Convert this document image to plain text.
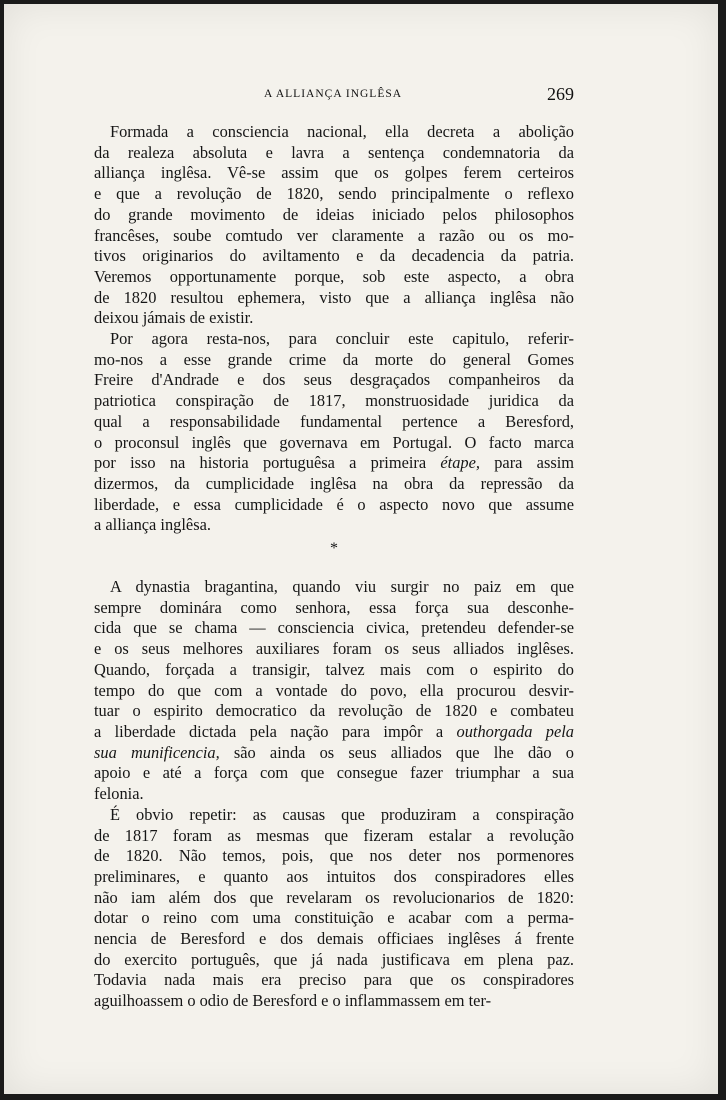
A ALLIANÇA INGLÊSA	269
Formada a consciencia nacional, ella decreta a abolição
da realeza absoluta e lavra a sentença condemnatoria da
alliança inglêsa. Vê-se assim que os golpes ferem certeiros
e que a revolução de 1820, sendo principalmente o reflexo
do grande movimento de ideias iniciado pelos philosophos
francêses, soube comtudo ver claramente a razão ou os mo-
tivos originarios do aviltamento e da decadencia da patria.
Veremos opportunamente porque, sob este aspecto, a obra
de 1820 resultou ephemera, visto que a alliança inglêsa não
deixou jámais de existir.
Por agora resta-nos, para concluir este capitulo, referir-
mo-nos a esse grande crime da morte do general Gomes
Freire d'Andrade e dos seus desgraçados companheiros da
patriotica conspiração de 1817, monstruosidade juridica da
qual a responsabilidade fundamental pertence a Beresford,
o proconsul inglês que governava em Portugal. O facto marca
por isso na historia portuguêsa a primeira étape, para assim
dizermos, da cumplicidade inglêsa na obra da repressão da
liberdade, e essa cumplicidade é o aspecto novo que assume
a alliança inglêsa.
*
A dynastia bragantina, quando viu surgir no paiz em que
sempre dominára como senhora, essa força sua desconhe-
cida que se chama — consciencia civica, pretendeu defender-se
e os seus melhores auxiliares foram os seus alliados inglêses.
Quando, forçada a transigir, talvez mais com o espirito do
tempo do que com a vontade do povo, ella procurou desvir-
tuar o espirito democratico da revolução de 1820 e combateu
a liberdade dictada pela nação para impôr a outhorgada pela
sua munificencia, são ainda os seus alliados que lhe dão o
apoio e até a força com que consegue fazer triumphar a sua
felonia.
É obvio repetir: as causas que produziram a conspiração
de 1817 foram as mesmas que fizeram estalar a revolução
de 1820. Não temos, pois, que nos deter nos pormenores
preliminares, e quanto aos intuitos dos conspiradores elles
não iam além dos que revelaram os revolucionarios de 1820:
dotar o reino com uma constituição e acabar com a perma-
nencia de Beresford e dos demais officiaes inglêses á frente
do exercito português, que já nada justificava em plena paz.
Todavia nada mais era preciso para que os conspiradores
aguilhoassem o odio de Beresford e o inflammassem em ter-
